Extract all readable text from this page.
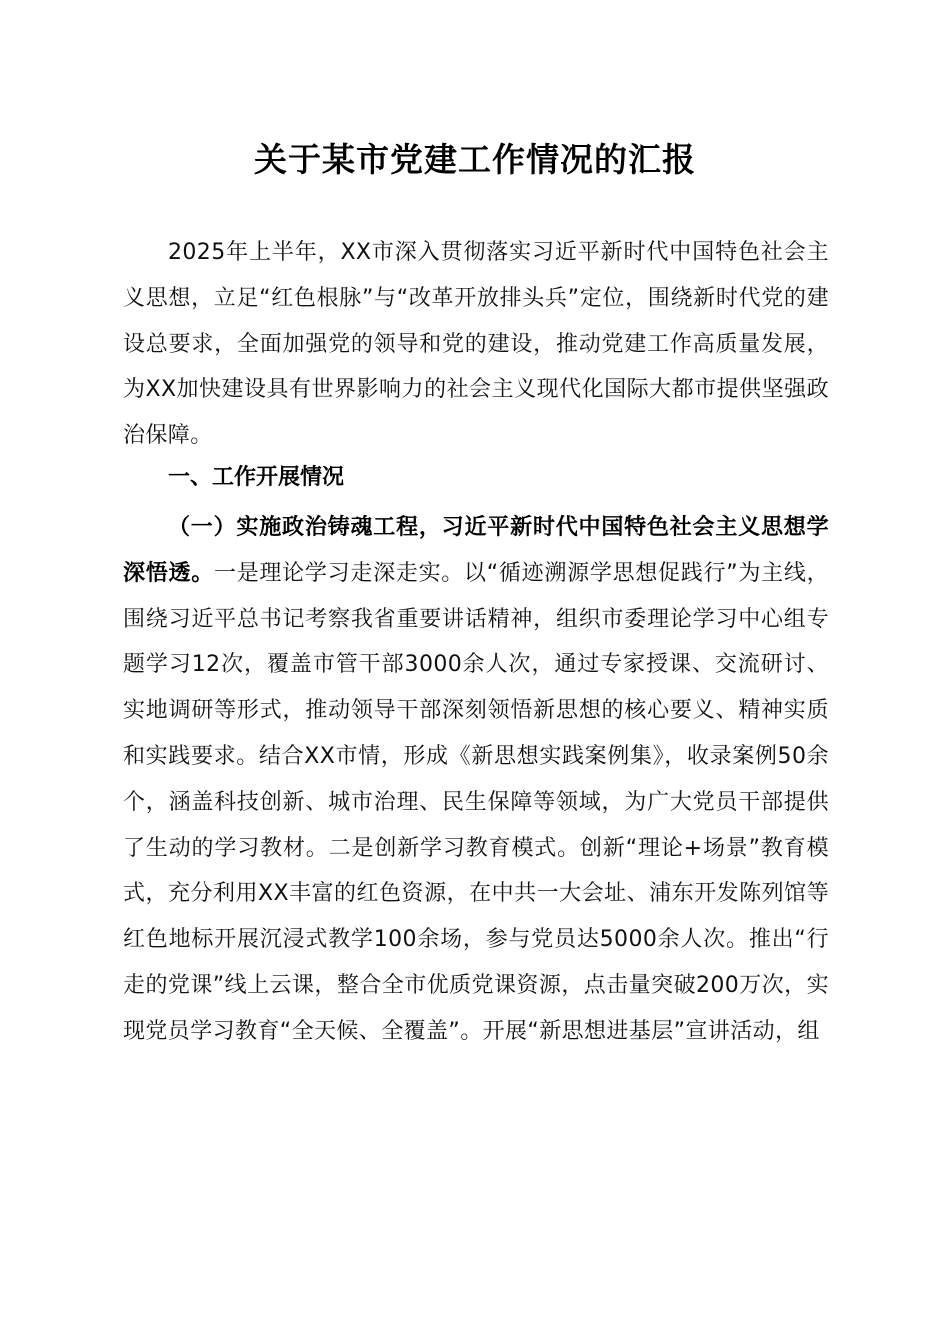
关于某市党建工作情况的汇报
2025年上半年，XX市深入贯彻落实习近平新时代中国特色社会主义思想，立足“红色根脉”与“改革开放排头兵”定位，围绕新时代党的建设总要求，全面加强党的领导和党的建设，推动党建工作高质量发展，为XX加快建设具有世界影响力的社会主义现代化国际大都市提供坚强政治保障。
一、工作开展情况
（一）实施政治铸魂工程，习近平新时代中国特色社会主义思想学深悟透。一是理论学习走深走实。以“循迹溯源学思想促践行”为主线，围绕习近平总书记考察我省重要讲话精神，组织市委理论学习中心组专题学习12次，覆盖市管干部3000余人次，通过专家授课、交流研讨、实地调研等形式，推动领导干部深刻领悟新思想的核心要义、精神实质和实践要求。结合XX市情，形成《新思想实践案例集》，收录案例50余个，涵盖科技创新、城市治理、民生保障等领域，为广大党员干部提供了生动的学习教材。二是创新学习教育模式。创新“理论+场景”教育模式，充分利用XX丰富的红色资源，在中共一大会址、浦东开发陈列馆等红色地标开展沉浸式教学100余场，参与党员达5000余人次。推出“行走的党课”线上云课，整合全市优质党课资源，点击量突破200万次，实现党员学习教育“全天候、全覆盖”。开展“新思想进基层”宣讲活动，组
